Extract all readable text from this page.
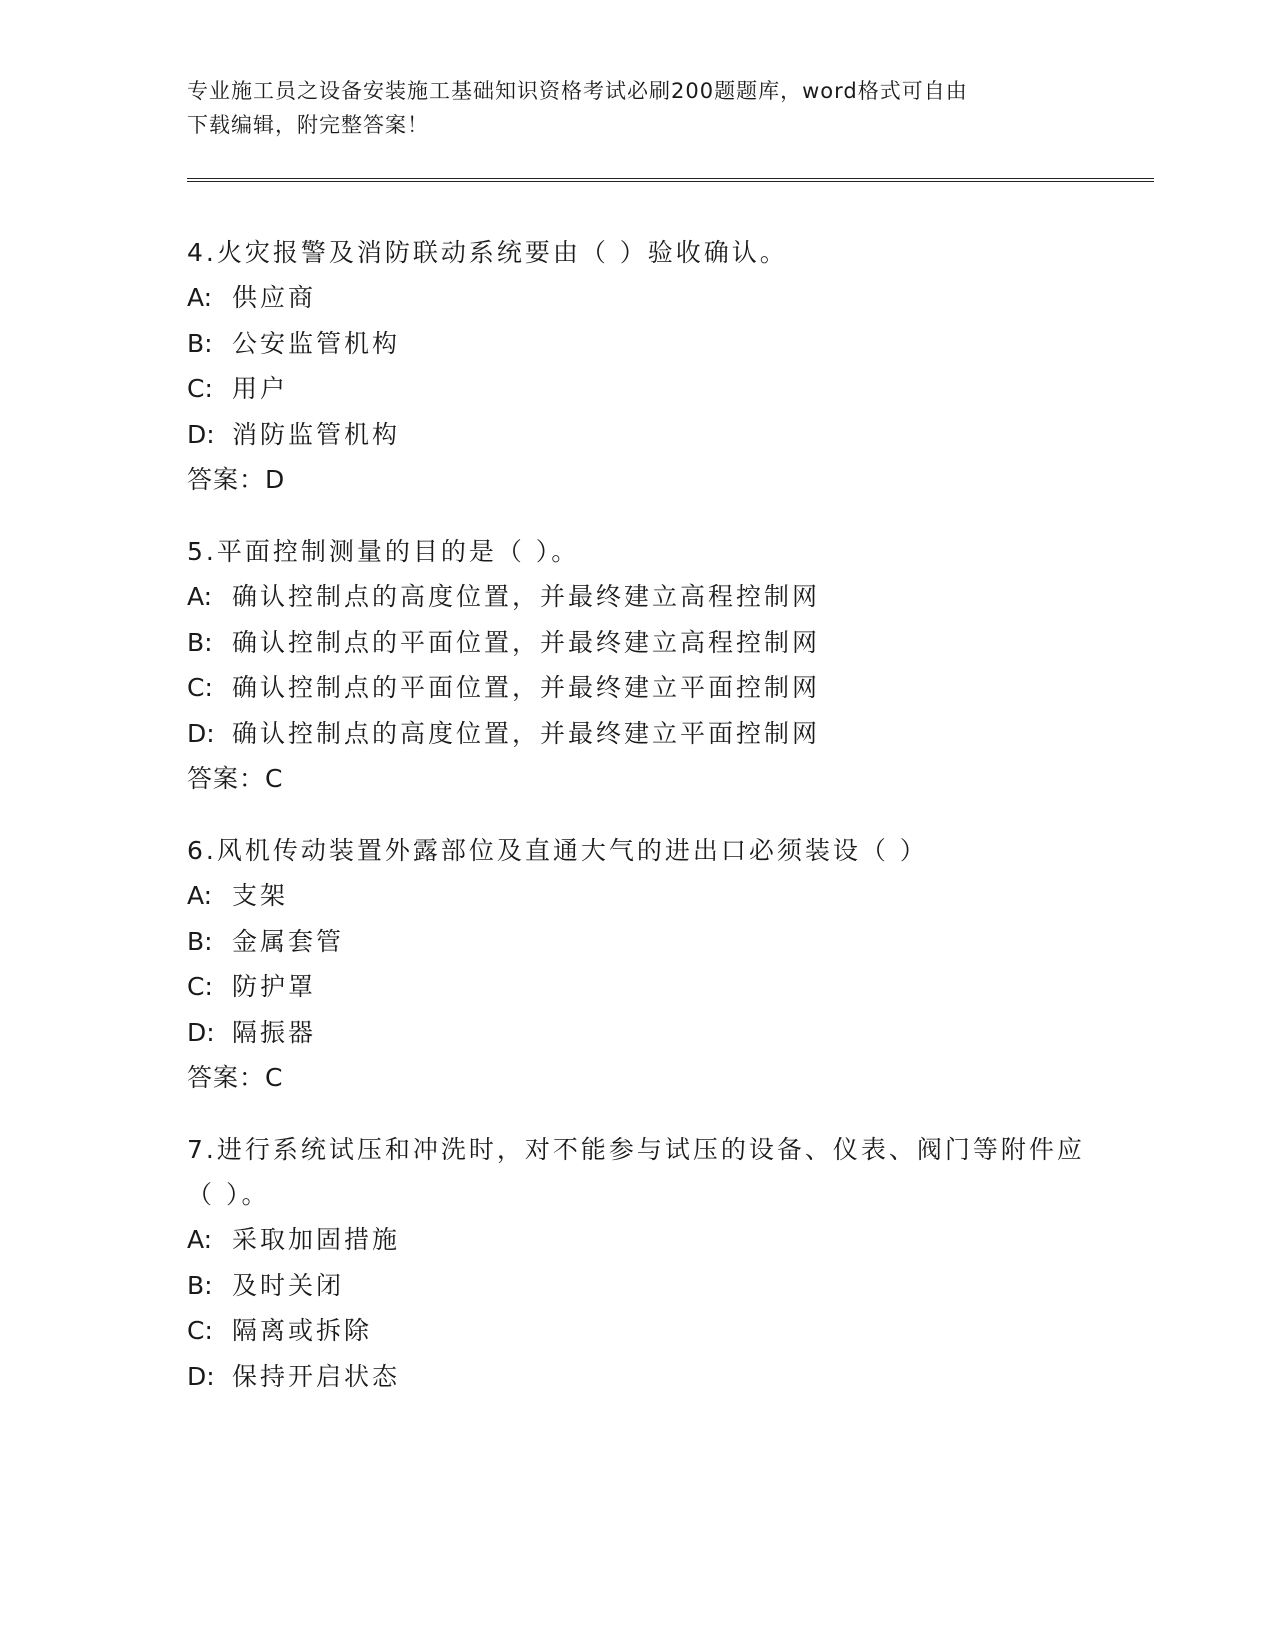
专业施工员之设备安装施工基础知识资格考试必刷200题题库，word格式可自由
下载编辑，附完整答案！
4.火灾报警及消防联动系统要由（ ）验收确认。
A: 供应商
B: 公安监管机构
C: 用户
D: 消防监管机构
答案：D
5.平面控制测量的目的是（ ）。
A: 确认控制点的高度位置，并最终建立高程控制网
B: 确认控制点的平面位置，并最终建立高程控制网
C: 确认控制点的平面位置，并最终建立平面控制网
D: 确认控制点的高度位置，并最终建立平面控制网
答案：C
6.风机传动装置外露部位及直通大气的进出口必须装设（ ）
A: 支架
B: 金属套管
C: 防护罩
D: 隔振器
答案：C
7.进行系统试压和冲洗时，对不能参与试压的设备、仪表、阀门等附件应（ ）。
A: 采取加固措施
B: 及时关闭
C: 隔离或拆除
D: 保持开启状态
